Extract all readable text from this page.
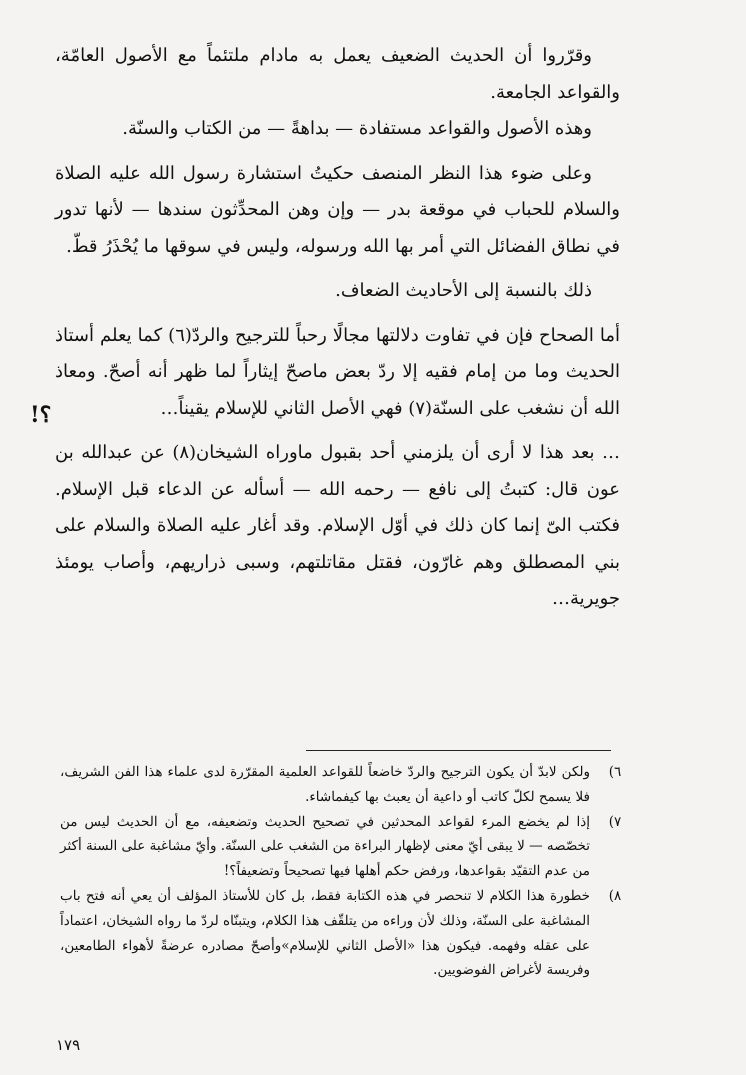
وقرّروا أن الحديث الضعيف يعمل به مادام ملتئماً مع الأصول العامّة، والقواعد الجامعة.

وهذه الأصول والقواعد مستفادة — بداهةً — من الكتاب والسنّة.

وعلى ضوء هذا النظر المنصف حكيتُ استشارة رسول الله عليه الصلاة والسلام للحباب في موقعة بدر — وإن وهن المحدِّثون سندها — لأنها تدور في نطاق الفضائل التي أمر بها الله ورسوله، وليس في سوقها ما يُحْذَرُ قطّ.

ذلك بالنسبة إلى الأحاديث الضعاف.

أما الصحاح فإن في تفاوت دلالتها مجالًا رحباً للترجيح والردّ(٦) كما يعلم أستاذ الحديث وما من إمام فقيه إلا ردّ بعض ماصحّ إيثاراً لما ظهر أنه أصحّ. ومعاذ الله أن نشغب على السنّة(٧) فهي الأصل الثاني للإسلام يقيناً…

… بعد هذا لا أرى أن يلزمني أحد بقبول ماوراه الشيخان(٨) عن عبدالله بن عون قال: كتبتُ إلى نافع — رحمه الله — أسأله عن الدعاء قبل الإسلام. فكتب الىّ إنما كان ذلك في أوّل الإسلام. وقد أغار عليه الصلاة والسلام على بني المصطلق وهم غارّون، فقتل مقاتلتهم، وسبى ذراريهم، وأصاب يومئذ جويرية…

؟!
٦)
ولكن لابدّ أن يكون الترجيح والردّ خاضعاً للقواعد العلمية المقرّرة لدى علماء هذا الفن الشريف، فلا يسمح لكلّ كاتب أو داعية أن يعبث بها كيفماشاء.
٧)
إذا لم يخضع المرء لقواعد المحدثين في تصحيح الحديث وتضعيفه، مع أن الحديث ليس من تخصّصه — لا يبقى أيّ معنى لإظهار البراءة من الشغب على السنّة. وأيّ مشاغبة على السنة أكثر من عدم التقيّد بقواعدها، ورفض حكم أهلها فيها تصحيحاً وتضعيفاً؟!
٨)
خطورة هذا الكلام لا تنحصر في هذه الكتابة فقط، بل كان للأستاذ المؤلف أن يعي أنه فتح باب المشاغبة على السنّة، وذلك لأن وراءه من يتلقّف هذا الكلام، ويتبنّاه لردّ ما رواه الشيخان، اعتماداً على عقله وفهمه. فيكون هذا «الأصل الثاني للإسلام»وأصحّ مصادره عرضةً لأهواء الطامعين، وفريسة لأغراض الفوضويين.
١٧٩
